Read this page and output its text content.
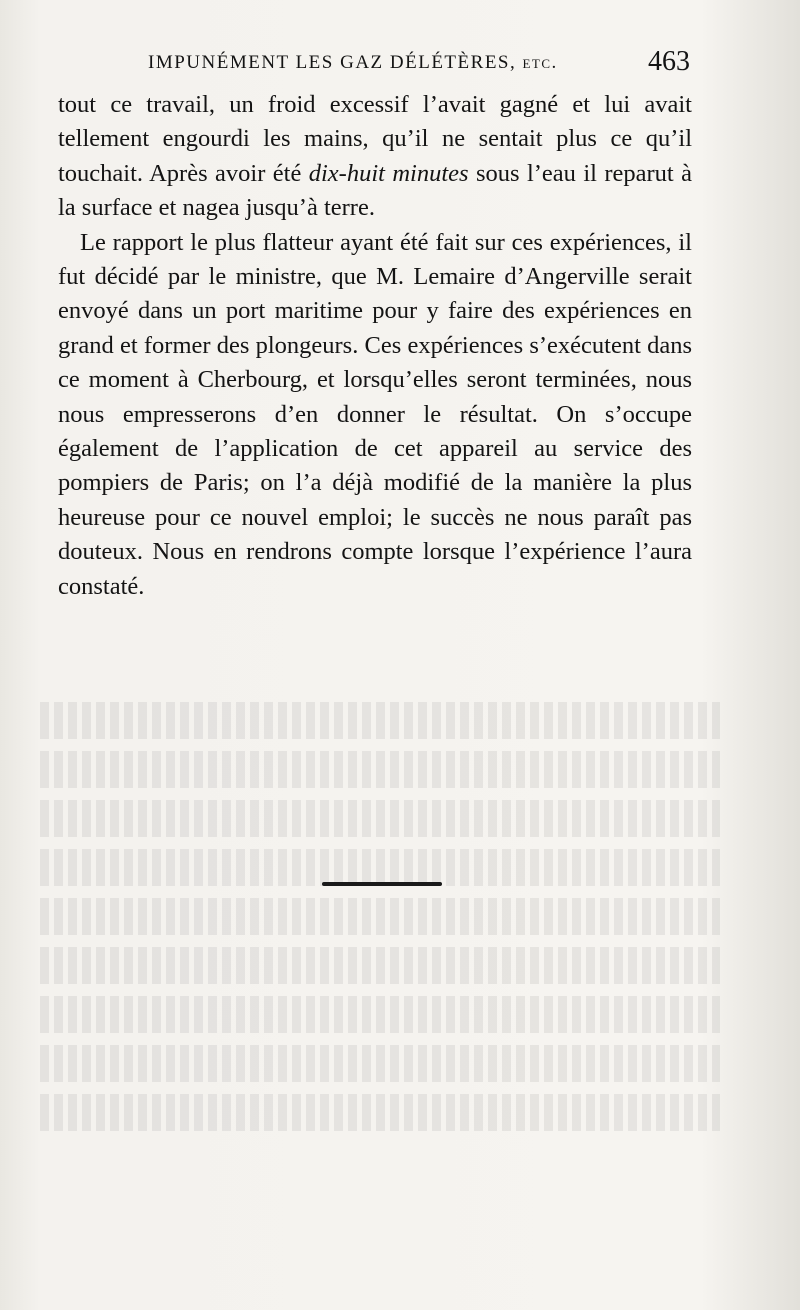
IMPUNÉMENT LES GAZ DÉLÉTÈRES, etc.	463

tout ce travail, un froid excessif l’avait gagné et lui avait tellement engourdi les mains, qu’il ne sentait plus ce qu’il touchait. Après avoir été dix-huit minutes sous l’eau il reparut à la surface et nagea jusqu’à terre.

Le rapport le plus flatteur ayant été fait sur ces expériences, il fut décidé par le ministre, que M. Lemaire d’Angerville serait envoyé dans un port maritime pour y faire des expériences en grand et former des plongeurs. Ces expériences s’exécutent dans ce moment à Cherbourg, et lorsqu’elles seront terminées, nous nous empresserons d’en donner le résultat. On s’occupe également de l’application de cet appareil au service des pompiers de Paris; on l’a déjà modifié de la manière la plus heureuse pour ce nouvel emploi; le succès ne nous paraît pas douteux. Nous en rendrons compte lorsque l’expérience l’aura constaté.
